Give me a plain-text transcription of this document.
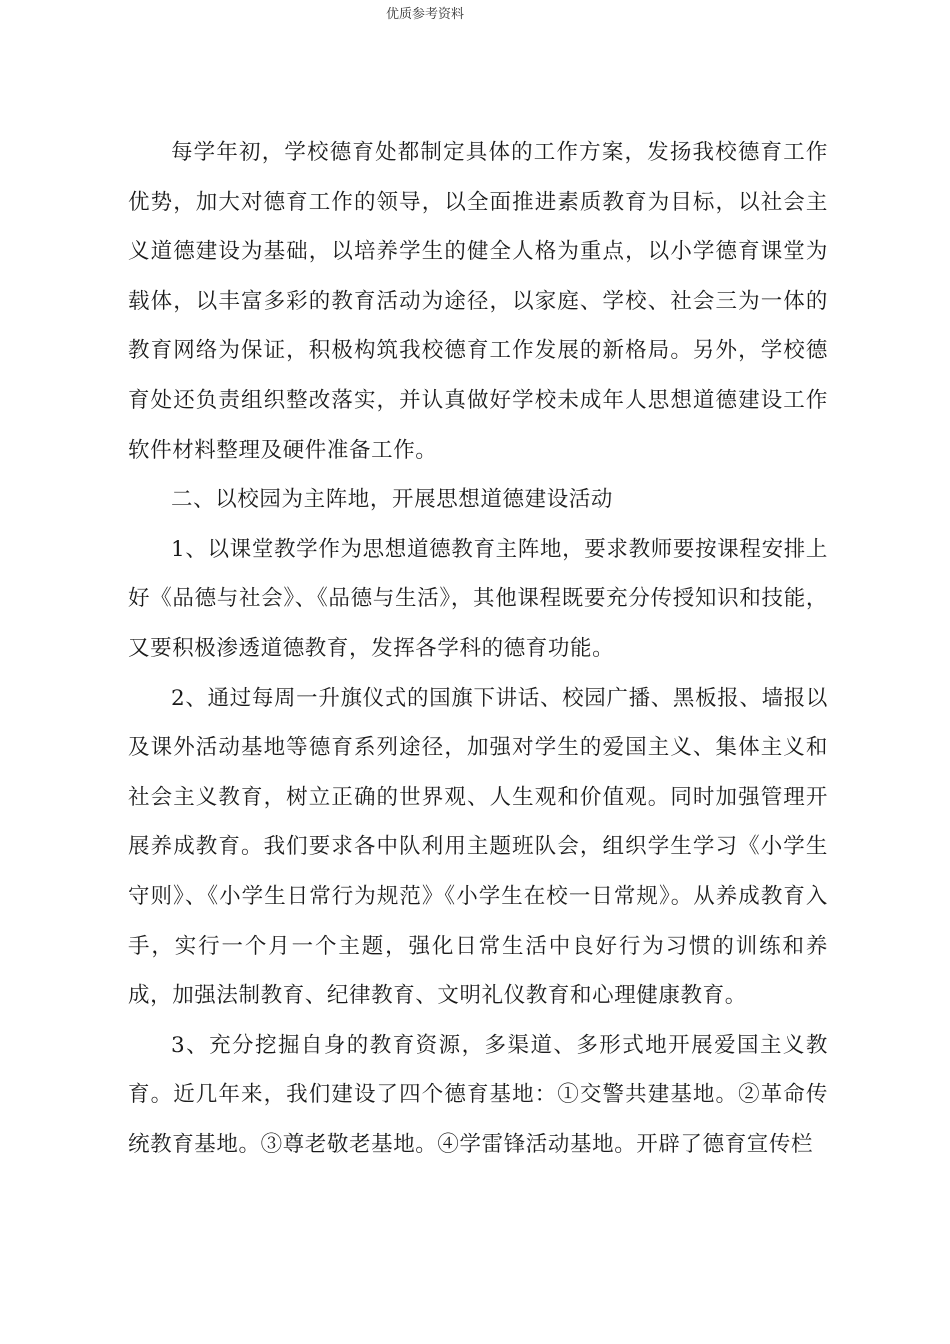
优质参考资料

每学年初，学校德育处都制定具体的工作方案，发扬我校德育工作优势，加大对德育工作的领导，以全面推进素质教育为目标，以社会主义道德建设为基础，以培养学生的健全人格为重点，以小学德育课堂为载体，以丰富多彩的教育活动为途径，以家庭、学校、社会三为一体的教育网络为保证，积极构筑我校德育工作发展的新格局。另外，学校德育处还负责组织整改落实，并认真做好学校未成年人思想道德建设工作软件材料整理及硬件准备工作。

二、以校园为主阵地，开展思想道德建设活动

1、以课堂教学作为思想道德教育主阵地，要求教师要按课程安排上好《品德与社会》、《品德与生活》，其他课程既要充分传授知识和技能，又要积极渗透道德教育，发挥各学科的德育功能。

2、通过每周一升旗仪式的国旗下讲话、校园广播、黑板报、墙报以及课外活动基地等德育系列途径，加强对学生的爱国主义、集体主义和社会主义教育，树立正确的世界观、人生观和价值观。同时加强管理开展养成教育。我们要求各中队利用主题班队会，组织学生学习《小学生守则》、《小学生日常行为规范》《小学生在校一日常规》。从养成教育入手，实行一个月一个主题，强化日常生活中良好行为习惯的训练和养成，加强法制教育、纪律教育、文明礼仪教育和心理健康教育。

3、充分挖掘自身的教育资源，多渠道、多形式地开展爱国主义教育。近几年来，我们建设了四个德育基地：①交警共建基地。②革命传统教育基地。③尊老敬老基地。④学雷锋活动基地。开辟了德育宣传栏
